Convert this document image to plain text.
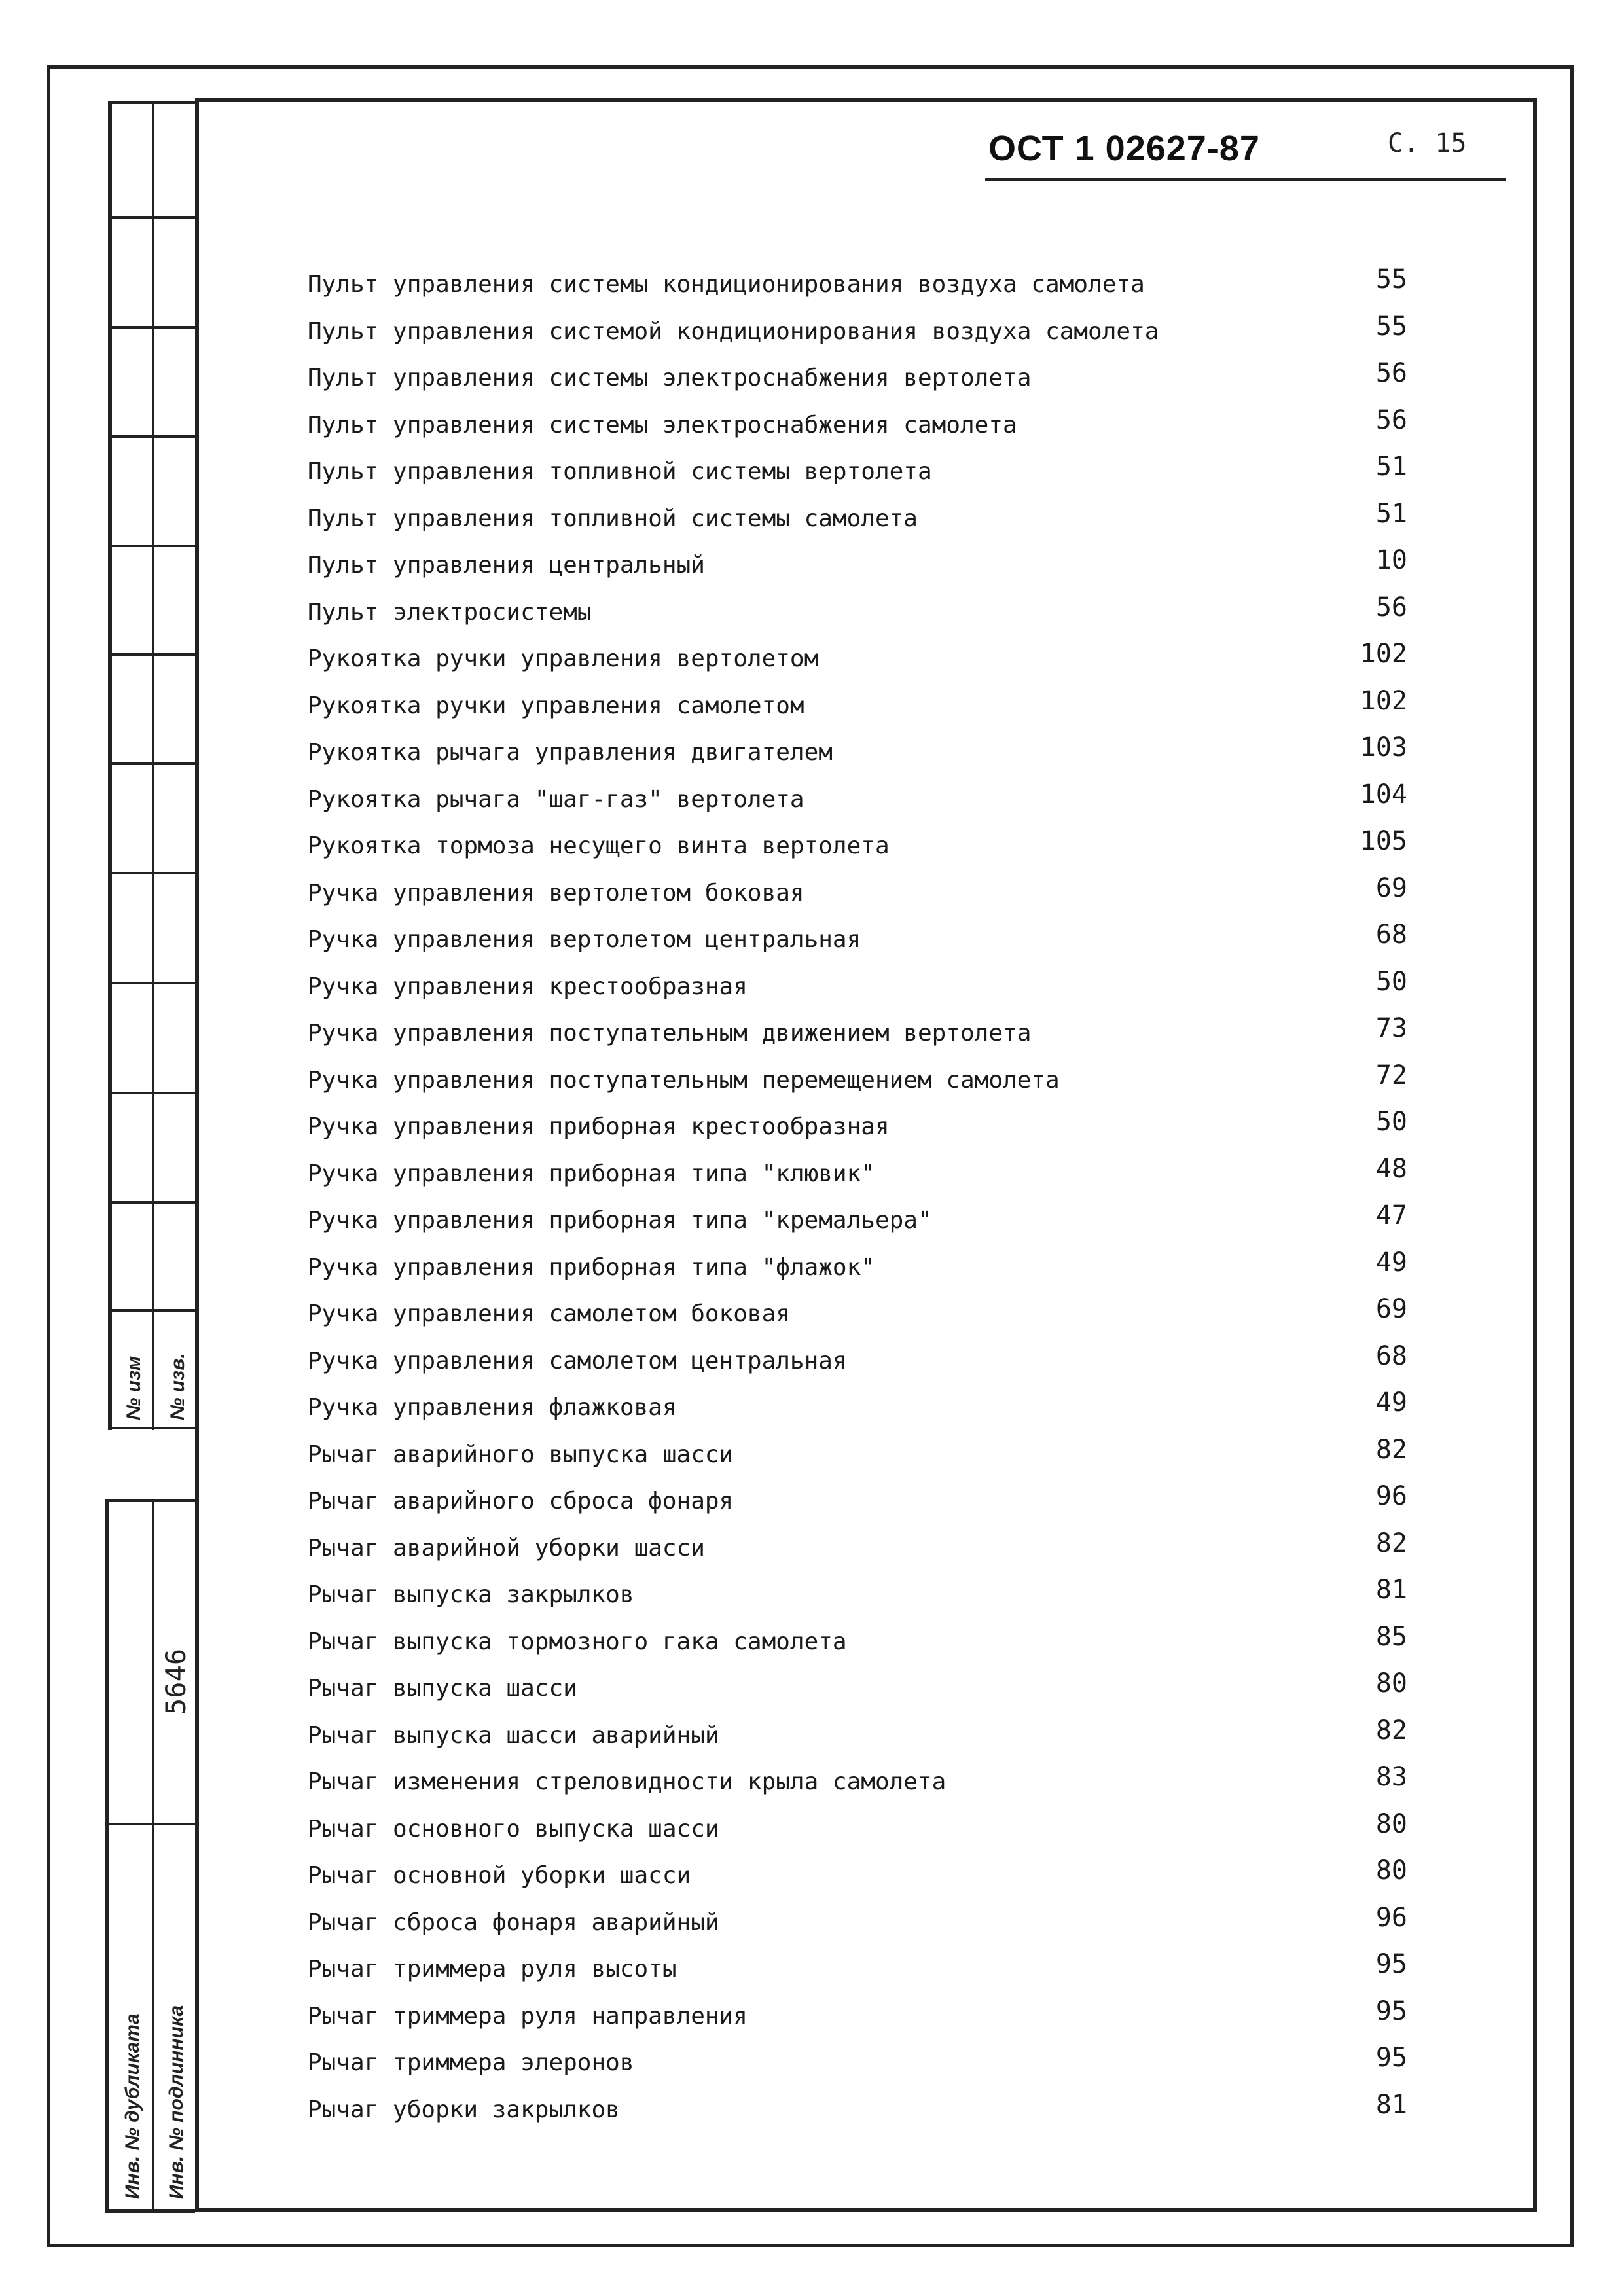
№ изм № изв.
5646
Инв. № дубликата Инв. № подлинника
ОСТ 1 02627-87	С. 15
Пульт управления системы кондиционирования воздуха самолета	55
Пульт управления системой кондиционирования воздуха самолета	55
Пульт управления системы электроснабжения вертолета	56
Пульт управления системы электроснабжения самолета	56
Пульт управления топливной системы вертолета	51
Пульт управления топливной системы самолета	51
Пульт управления центральный	10
Пульт электросистемы	56
Рукоятка ручки управления вертолетом	102
Рукоятка ручки управления самолетом	102
Рукоятка рычага управления двигателем	103
Рукоятка рычага "шаг-газ" вертолета	104
Рукоятка тормоза несущего винта вертолета	105
Ручка управления вертолетом боковая	69
Ручка управления вертолетом центральная	68
Ручка управления крестообразная	50
Ручка управления поступательным движением вертолета	73
Ручка управления поступательным перемещением самолета	72
Ручка управления приборная крестообразная	50
Ручка управления приборная типа "клювик"	48
Ручка управления приборная типа "кремальера"	47
Ручка управления приборная типа "флажок"	49
Ручка управления самолетом боковая	69
Ручка управления самолетом центральная	68
Ручка управления флажковая	49
Рычаг аварийного выпуска шасси	82
Рычаг аварийного сброса фонаря	96
Рычаг аварийной уборки шасси	82
Рычаг выпуска закрылков	81
Рычаг выпуска тормозного гака самолета	85
Рычаг выпуска шасси	80
Рычаг выпуска шасси аварийный	82
Рычаг изменения стреловидности крыла самолета	83
Рычаг основного выпуска шасси	80
Рычаг основной уборки шасси	80
Рычаг сброса фонаря аварийный	96
Рычаг триммера руля высоты	95
Рычаг триммера руля направления	95
Рычаг триммера элеронов	95
Рычаг уборки закрылков	81
